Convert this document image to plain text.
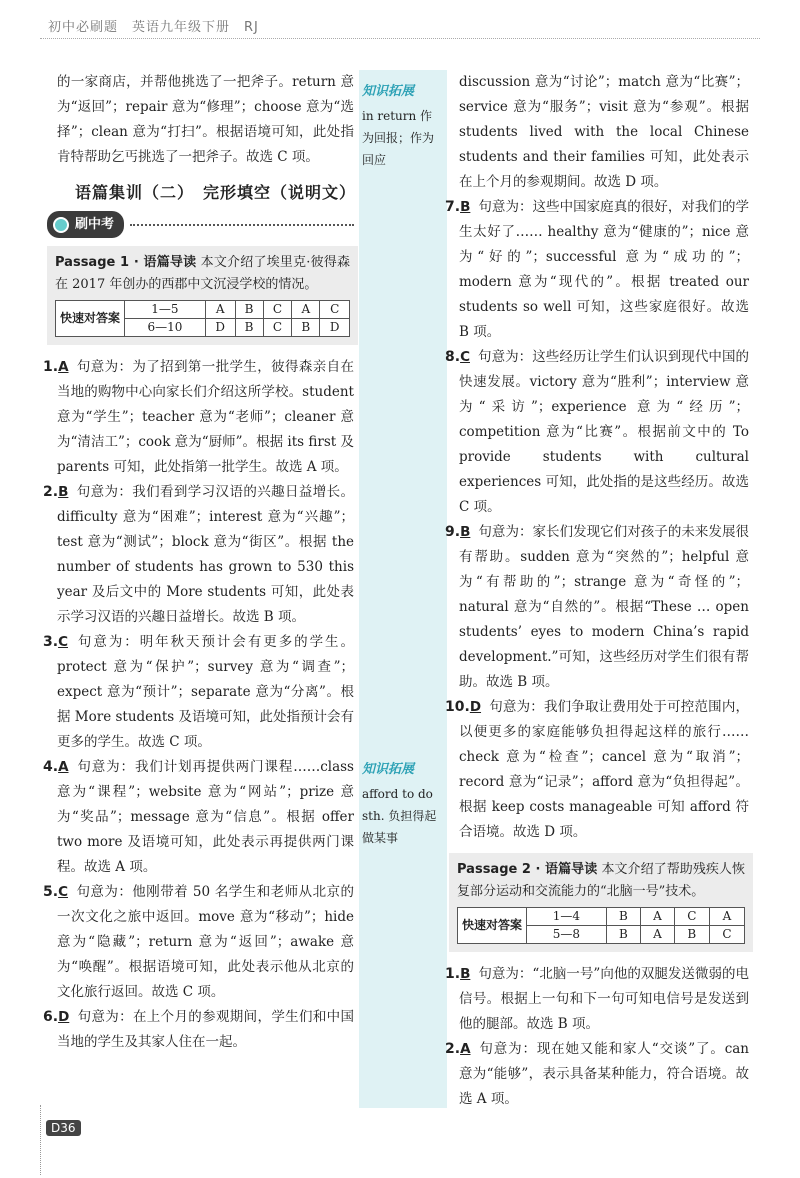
初中必刷题　英语九年级下册　RJ
知识拓展
in return 作为回报；作为回应
知识拓展
afford to do sth. 负担得起做某事

的一家商店，并帮他挑选了一把斧子。return 意为“返回”；repair 意为“修理”；choose 意为“选择”；clean 意为“打扫”。根据语境可知，此处指肯特帮助乞丐挑选了一把斧子。故选 C 项。

语篇集训（二）　完形填空（说明文）
刷中考
Passage 1 · 语篇导读 本文介绍了埃里克·彼得森在 2017 年创办的西郡中文沉浸学校的情况。
快速对答案	1—5	A	B	C	A	C
	6—10	D	B	C	B	D

1.A 句意为：为了招到第一批学生，彼得森亲自在当地的购物中心向家长们介绍这所学校。student 意为“学生”；teacher 意为“老师”；cleaner 意为“清洁工”；cook 意为“厨师”。根据 its first 及 parents 可知，此处指第一批学生。故选 A 项。

2.B 句意为：我们看到学习汉语的兴趣日益增长。difficulty 意为“困难”；interest 意为“兴趣”；test 意为“测试”；block 意为“街区”。根据 the number of students has grown to 530 this year 及后文中的 More students 可知，此处表示学习汉语的兴趣日益增长。故选 B 项。

3.C 句意为：明年秋天预计会有更多的学生。protect 意为“保护”；survey 意为“调查”；expect 意为“预计”；separate 意为“分离”。根据 More students 及语境可知，此处指预计会有更多的学生。故选 C 项。

4.A 句意为：我们计划再提供两门课程……class 意为“课程”；website 意为“网站”；prize 意为“奖品”；message 意为“信息”。根据 offer two more 及语境可知，此处表示再提供两门课程。故选 A 项。

5.C 句意为：他刚带着 50 名学生和老师从北京的一次文化之旅中返回。move 意为“移动”；hide 意为“隐藏”；return 意为“返回”；awake 意为“唤醒”。根据语境可知，此处表示他从北京的文化旅行返回。故选 C 项。

6.D 句意为：在上个月的参观期间，学生们和中国当地的学生及其家人住在一起。

discussion 意为“讨论”；match 意为“比赛”；service 意为“服务”；visit 意为“参观”。根据 students lived with the local Chinese students and their families 可知，此处表示在上个月的参观期间。故选 D 项。

7.B 句意为：这些中国家庭真的很好，对我们的学生太好了…… healthy 意为“健康的”；nice 意为“好的”；successful 意为“成功的”；modern 意为“现代的”。根据 treated our students so well 可知，这些家庭很好。故选 B 项。

8.C 句意为：这些经历让学生们认识到现代中国的快速发展。victory 意为“胜利”；interview 意为“采访”；experience 意为“经历”；competition 意为“比赛”。根据前文中的 To provide students with cultural experiences 可知，此处指的是这些经历。故选 C 项。

9.B 句意为：家长们发现它们对孩子的未来发展很有帮助。sudden 意为“突然的”；helpful 意为“有帮助的”；strange 意为“奇怪的”；natural 意为“自然的”。根据“These … open students’ eyes to modern China’s rapid development.”可知，这些经历对学生们很有帮助。故选 B 项。

10.D 句意为：我们争取让费用处于可控范围内，以便更多的家庭能够负担得起这样的旅行…… check 意为“检查”；cancel 意为“取消”；record 意为“记录”；afford 意为“负担得起”。根据 keep costs manageable 可知 afford 符合语境。故选 D 项。

Passage 2 · 语篇导读 本文介绍了帮助残疾人恢复部分运动和交流能力的“北脑一号”技术。
快速对答案	1—4	B	A	C	A
	5—8	B	A	B	C

1.B 句意为：“北脑一号”向他的双腿发送微弱的电信号。根据上一句和下一句可知电信号是发送到他的腿部。故选 B 项。

2.A 句意为：现在她又能和家人“交谈”了。can 意为“能够”，表示具备某种能力，符合语境。故选 A 项。

D36
